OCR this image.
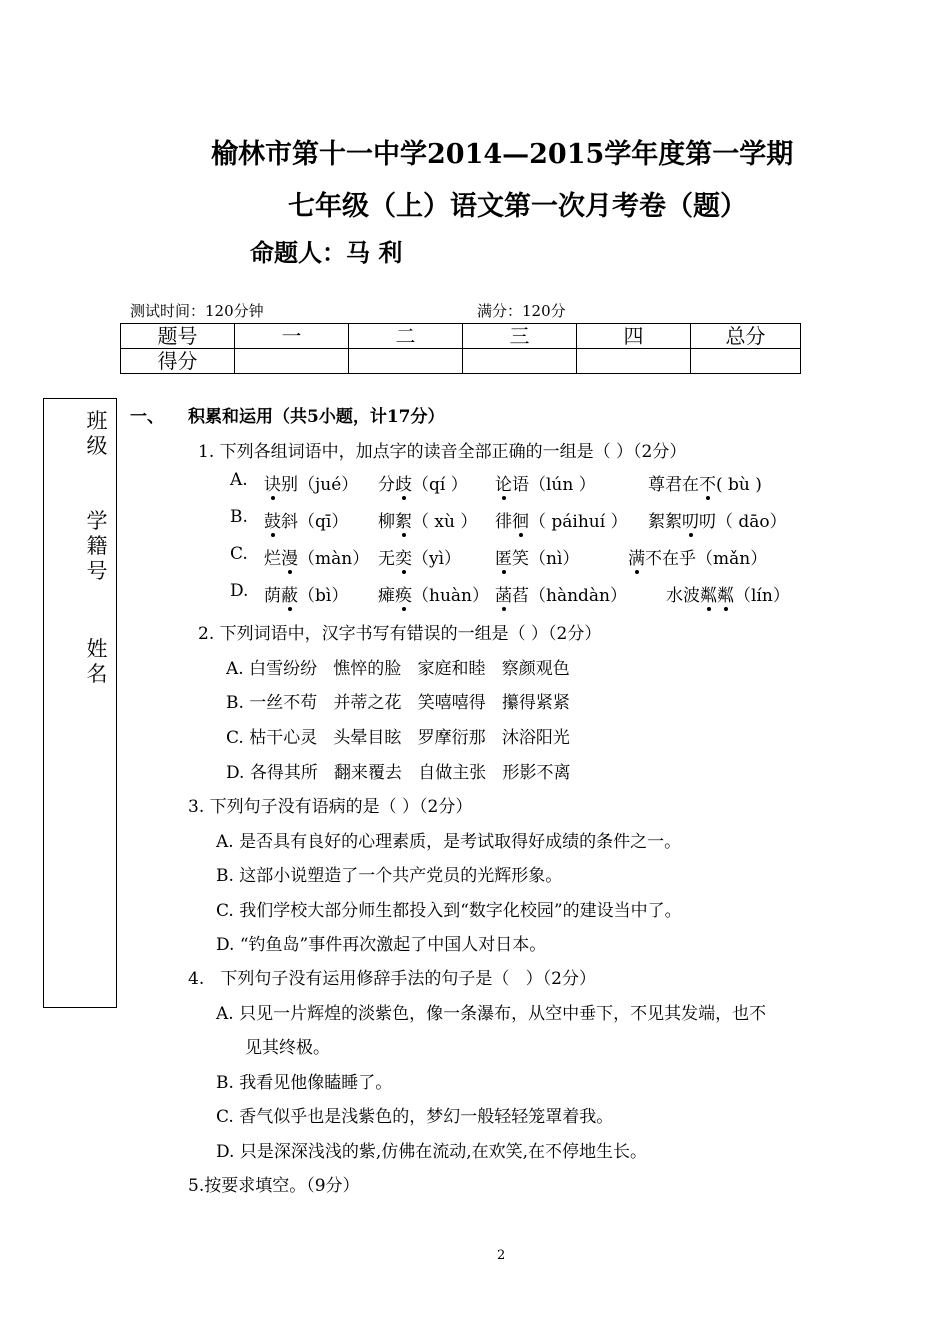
榆林市第十一中学2014—2015学年度第一学期
七年级（上）语文第一次月考卷（题）
命题人：马 利
测试时间：120分钟	满分：120分
题号	一	二	三	四	总分
得分					
班
级
学
籍
号
姓
名
一、 积累和运用（共5小题，计17分）
1. 下列各组词语中，加点字的读音全部正确的一组是（ ）（2分）
A. 诀别（jué） 分歧（qí ） 论语（lún ）	尊君在不( bù )
B. 鼓斜（qī） 柳絮（ xù ） 徘徊（ páihuí ） 絮絮叨叨（ dāo）
C. 烂漫（màn） 无奕（yì） 匿笑（nì）	满不在乎（mǎn）
D. 荫蔽（bì） 瘫痪（huàn） 菡萏（hàndàn） 水波粼粼（lín）
2. 下列词语中，汉字书写有错误的一组是（ ）（2分）
A. 白雪纷纷   憔悴的脸   家庭和睦   察颜观色
B. 一丝不苟   并蒂之花   笑嘻嘻得   攥得紧紧
C. 枯干心灵   头晕目眩   罗摩衍那   沐浴阳光
D. 各得其所   翻来覆去   自做主张   形影不离
3. 下列句子没有语病的是（ ）（2分）
A. 是否具有良好的心理素质，是考试取得好成绩的条件之一。
B. 这部小说塑造了一个共产党员的光辉形象。
C. 我们学校大部分师生都投入到“数字化校园”的建设当中了。
D. “钓鱼岛”事件再次激起了中国人对日本。
4.   下列句子没有运用修辞手法的句子是（   ）（2分）
A. 只见一片辉煌的淡紫色，像一条瀑布，从空中垂下，不见其发端，也不
见其终极。
B. 我看见他像瞌睡了。
C. 香气似乎也是浅紫色的，梦幻一般轻轻笼罩着我。
D. 只是深深浅浅的紫,仿佛在流动,在欢笑,在不停地生长。
5.按要求填空。（9分）
2
